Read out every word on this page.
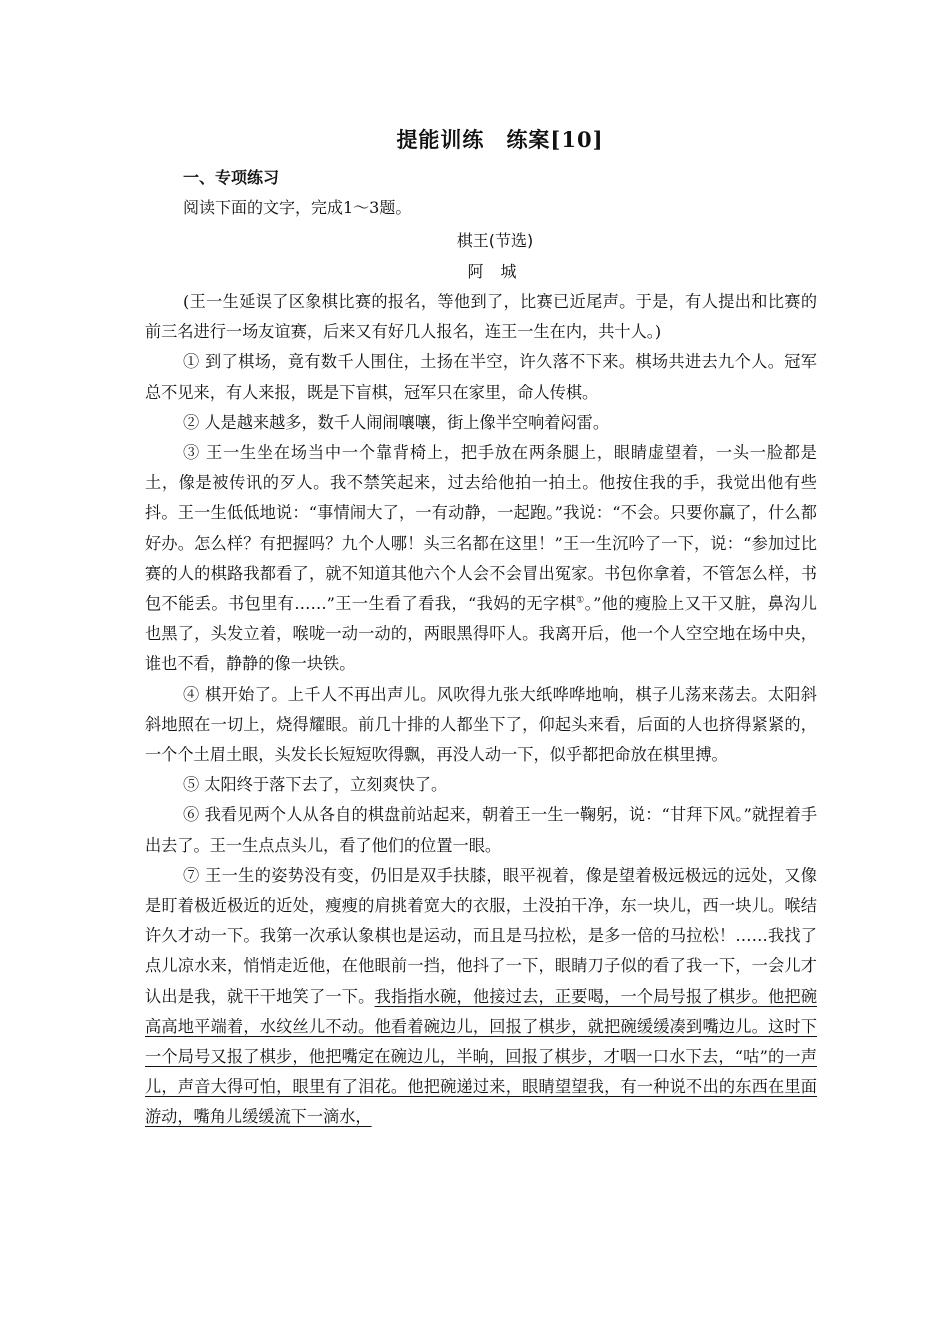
提能训练 练案[10]
一、专项练习
阅读下面的文字，完成1～3题。
棋王(节选)
阿 城

(王一生延误了区象棋比赛的报名，等他到了，比赛已近尾声。于是，有人提出和比赛的前三名进行一场友谊赛，后来又有好几人报名，连王一生在内，共十人。)

① 到了棋场，竟有数千人围住，土扬在半空，许久落不下来。棋场共进去九个人。冠军总不见来，有人来报，既是下盲棋，冠军只在家里，命人传棋。

② 人是越来越多，数千人闹闹嚷嚷，街上像半空响着闷雷。

③ 王一生坐在场当中一个靠背椅上，把手放在两条腿上，眼睛虚望着，一头一脸都是土，像是被传讯的歹人。我不禁笑起来，过去给他拍一拍土。他按住我的手，我觉出他有些抖。王一生低低地说：“事情闹大了，一有动静，一起跑。”我说：“不会。只要你赢了，什么都好办。怎么样？有把握吗？九个人哪！头三名都在这里！”王一生沉吟了一下，说：“参加过比赛的人的棋路我都看了，就不知道其他六个人会不会冒出冤家。书包你拿着，不管怎么样，书包不能丢。书包里有……”王一生看了看我，“我妈的无字棋①。”他的瘦脸上又干又脏，鼻沟儿也黑了，头发立着，喉咙一动一动的，两眼黑得吓人。我离开后，他一个人空空地在场中央，谁也不看，静静的像一块铁。

④ 棋开始了。上千人不再出声儿。风吹得九张大纸哗哗地响，棋子儿荡来荡去。太阳斜斜地照在一切上，烧得耀眼。前几十排的人都坐下了，仰起头来看，后面的人也挤得紧紧的，一个个土眉土眼，头发长长短短吹得飘，再没人动一下，似乎都把命放在棋里搏。

⑤ 太阳终于落下去了，立刻爽快了。

⑥ 我看见两个人从各自的棋盘前站起来，朝着王一生一鞠躬，说：“甘拜下风。”就捏着手出去了。王一生点点头儿，看了他们的位置一眼。

⑦ 王一生的姿势没有变，仍旧是双手扶膝，眼平视着，像是望着极远极远的远处，又像是盯着极近极近的近处，瘦瘦的肩挑着宽大的衣服，土没拍干净，东一块儿，西一块儿。喉结许久才动一下。我第一次承认象棋也是运动，而且是马拉松，是多一倍的马拉松！……我找了点儿凉水来，悄悄走近他，在他眼前一挡，他抖了一下，眼睛刀子似的看了我一下，一会儿才认出是我，就干干地笑了一下。我指指水碗，他接过去，正要喝，一个局号报了棋步。他把碗高高地平端着，水纹丝儿不动。他看着碗边儿，回报了棋步，就把碗缓缓凑到嘴边儿。这时下一个局号又报了棋步，他把嘴定在碗边儿，半晌，回报了棋步，才咽一口水下去，“咕”的一声儿，声音大得可怕，眼里有了泪花。他把碗递过来，眼睛望望我，有一种说不出的东西在里面游动，嘴角儿缓缓流下一滴水，
